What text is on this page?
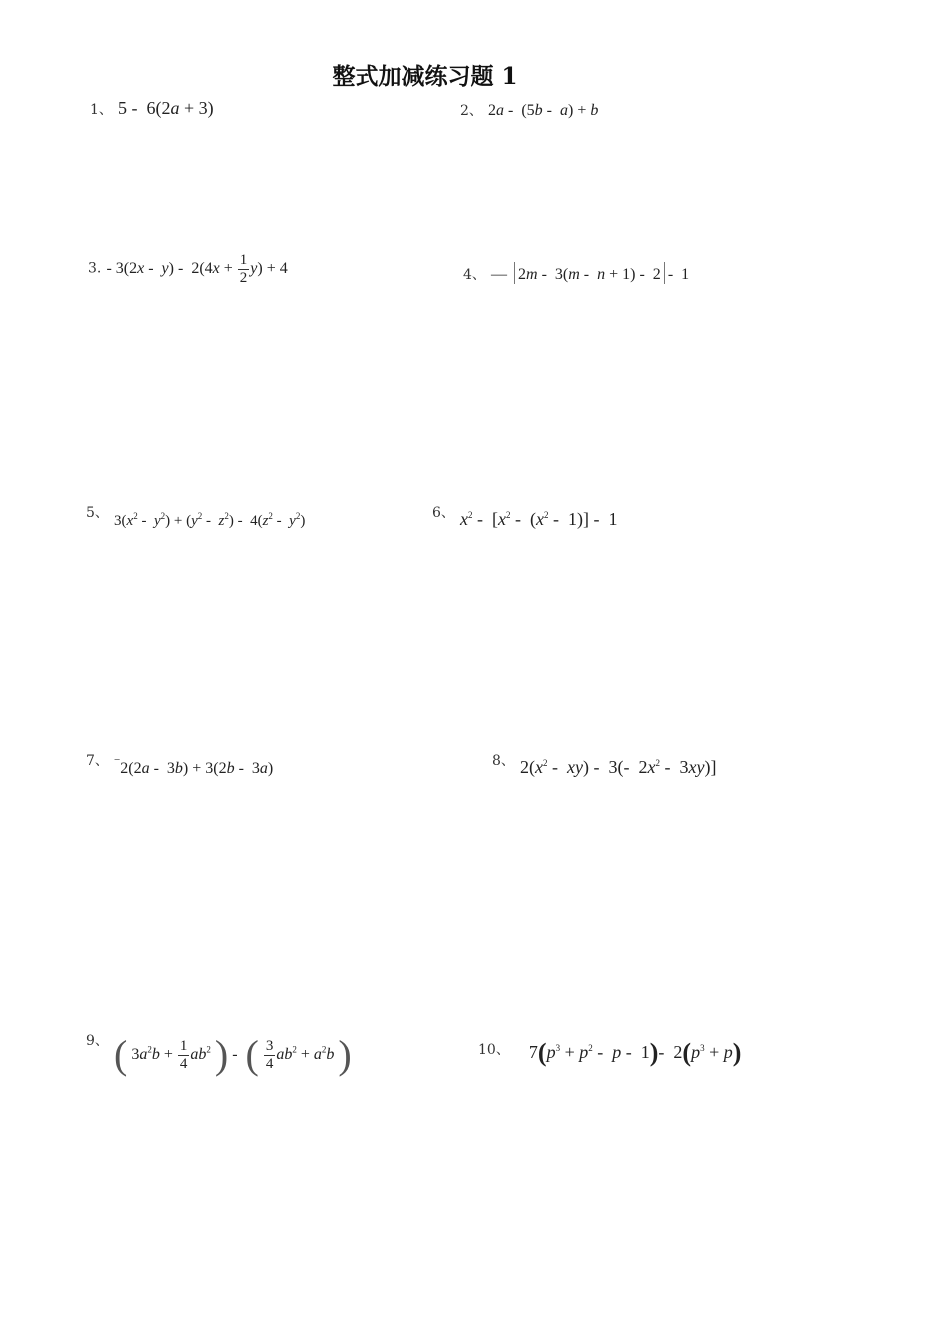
整式加减练习题 1
1、 5 -  6(2a + 3)	2、 2a -  (5b -  a) + b
3. - $3(2x - y) - 2(4x + \frac{1}{2} y) + 4$	4、 — 2m -  3(m -  n + 1) -  2 -  1
5、 $3(x^2 - y^2) + (y^2 - z^2) - 4(z^2 - y^2)$	6、 $x^2 - [x^2 - (x^2 - 1)] - 1$
7、 −2(2a -  3b) + 3(2b -  3a)	8、 $2(x^2 - xy) - 3(-$  $2x^2 - 3xy$)]
9、 ( $3a^2b + \frac{1}{4} ab^2$ ) -  ( $\frac{3}{4} ab^2 + a^2b$ )	10、 $7(p^3 + p^2 - p - 1)-$  $2(p^3 + p)$
